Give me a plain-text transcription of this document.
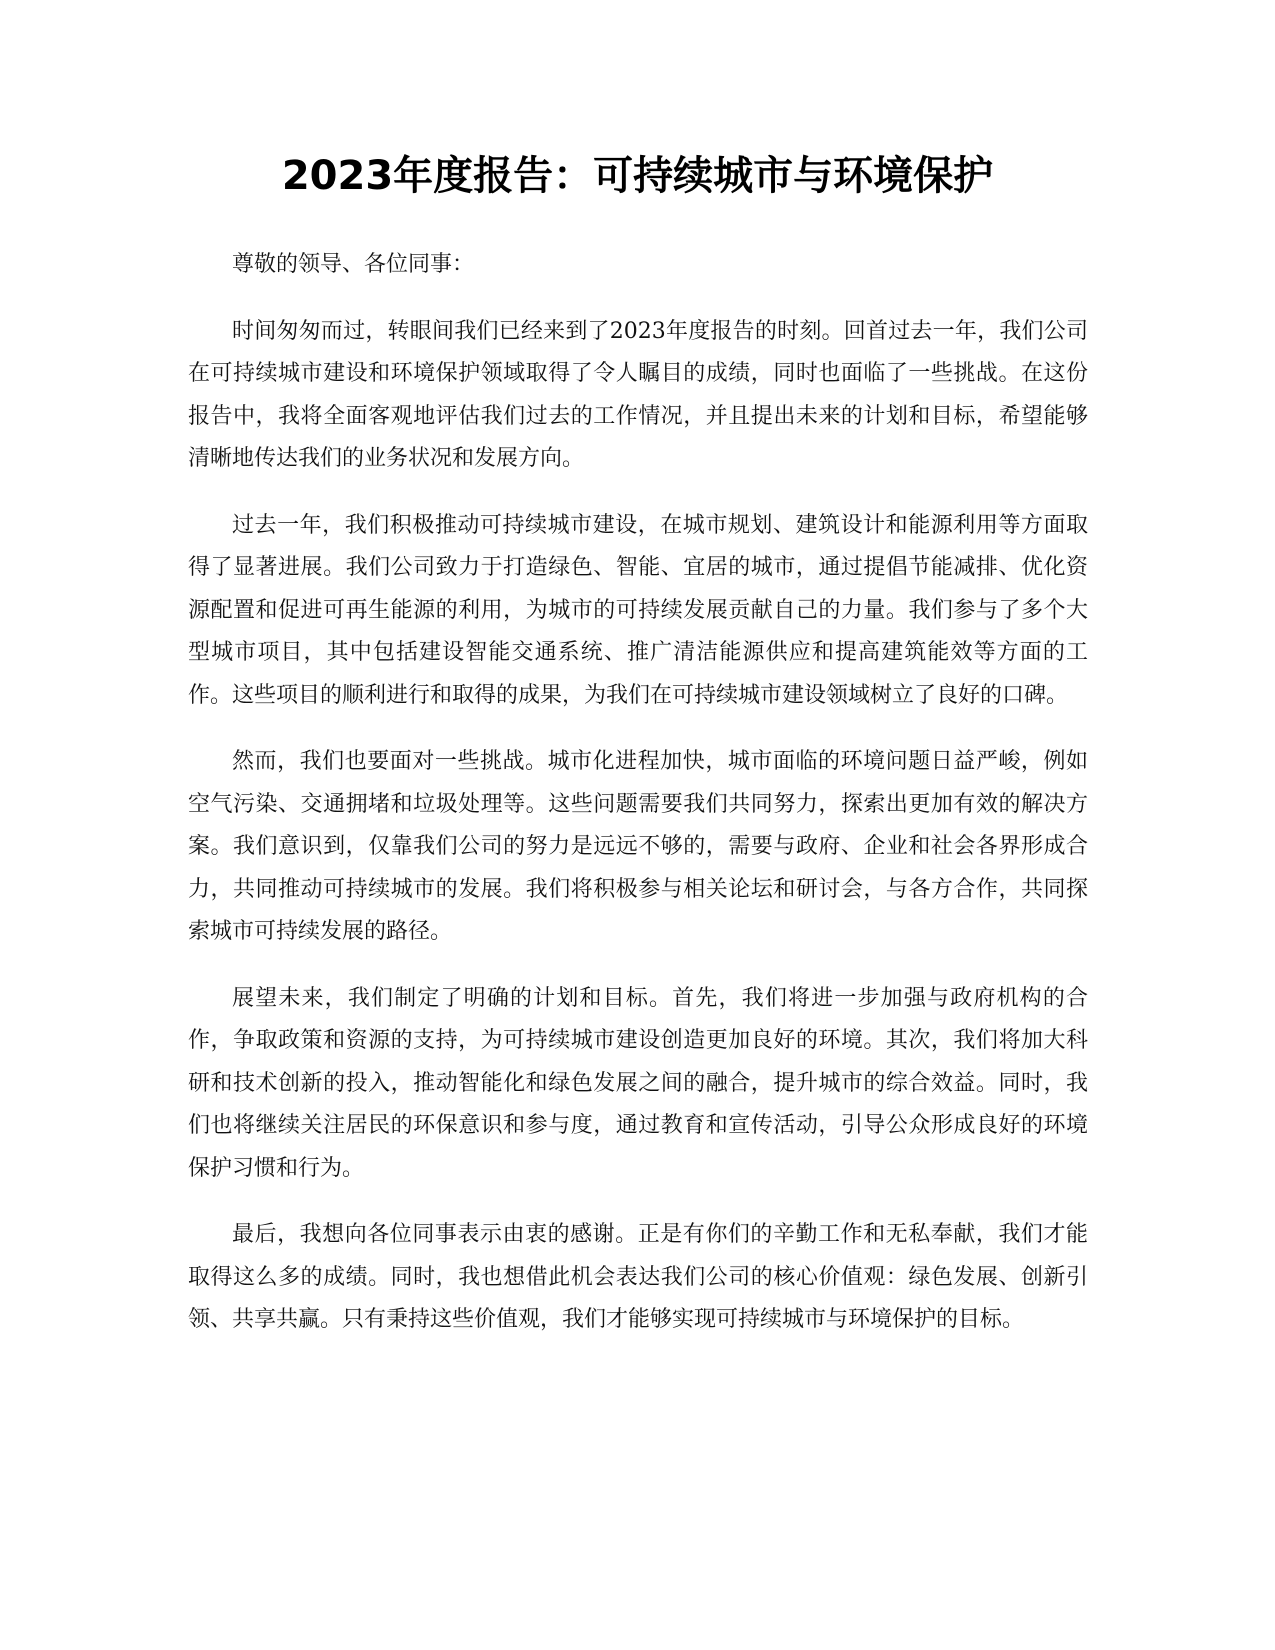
2023年度报告：可持续城市与环境保护

尊敬的领导、各位同事：

时间匆匆而过，转眼间我们已经来到了2023年度报告的时刻。回首过去一年，我们公司在可持续城市建设和环境保护领域取得了令人瞩目的成绩，同时也面临了一些挑战。在这份报告中，我将全面客观地评估我们过去的工作情况，并且提出未来的计划和目标，希望能够清晰地传达我们的业务状况和发展方向。

过去一年，我们积极推动可持续城市建设，在城市规划、建筑设计和能源利用等方面取得了显著进展。我们公司致力于打造绿色、智能、宜居的城市，通过提倡节能减排、优化资源配置和促进可再生能源的利用，为城市的可持续发展贡献自己的力量。我们参与了多个大型城市项目，其中包括建设智能交通系统、推广清洁能源供应和提高建筑能效等方面的工作。这些项目的顺利进行和取得的成果，为我们在可持续城市建设领域树立了良好的口碑。

然而，我们也要面对一些挑战。城市化进程加快，城市面临的环境问题日益严峻，例如空气污染、交通拥堵和垃圾处理等。这些问题需要我们共同努力，探索出更加有效的解决方案。我们意识到，仅靠我们公司的努力是远远不够的，需要与政府、企业和社会各界形成合力，共同推动可持续城市的发展。我们将积极参与相关论坛和研讨会，与各方合作，共同探索城市可持续发展的路径。

展望未来，我们制定了明确的计划和目标。首先，我们将进一步加强与政府机构的合作，争取政策和资源的支持，为可持续城市建设创造更加良好的环境。其次，我们将加大科研和技术创新的投入，推动智能化和绿色发展之间的融合，提升城市的综合效益。同时，我们也将继续关注居民的环保意识和参与度，通过教育和宣传活动，引导公众形成良好的环境保护习惯和行为。

最后，我想向各位同事表示由衷的感谢。正是有你们的辛勤工作和无私奉献，我们才能取得这么多的成绩。同时，我也想借此机会表达我们公司的核心价值观：绿色发展、创新引领、共享共赢。只有秉持这些价值观，我们才能够实现可持续城市与环境保护的目标。
